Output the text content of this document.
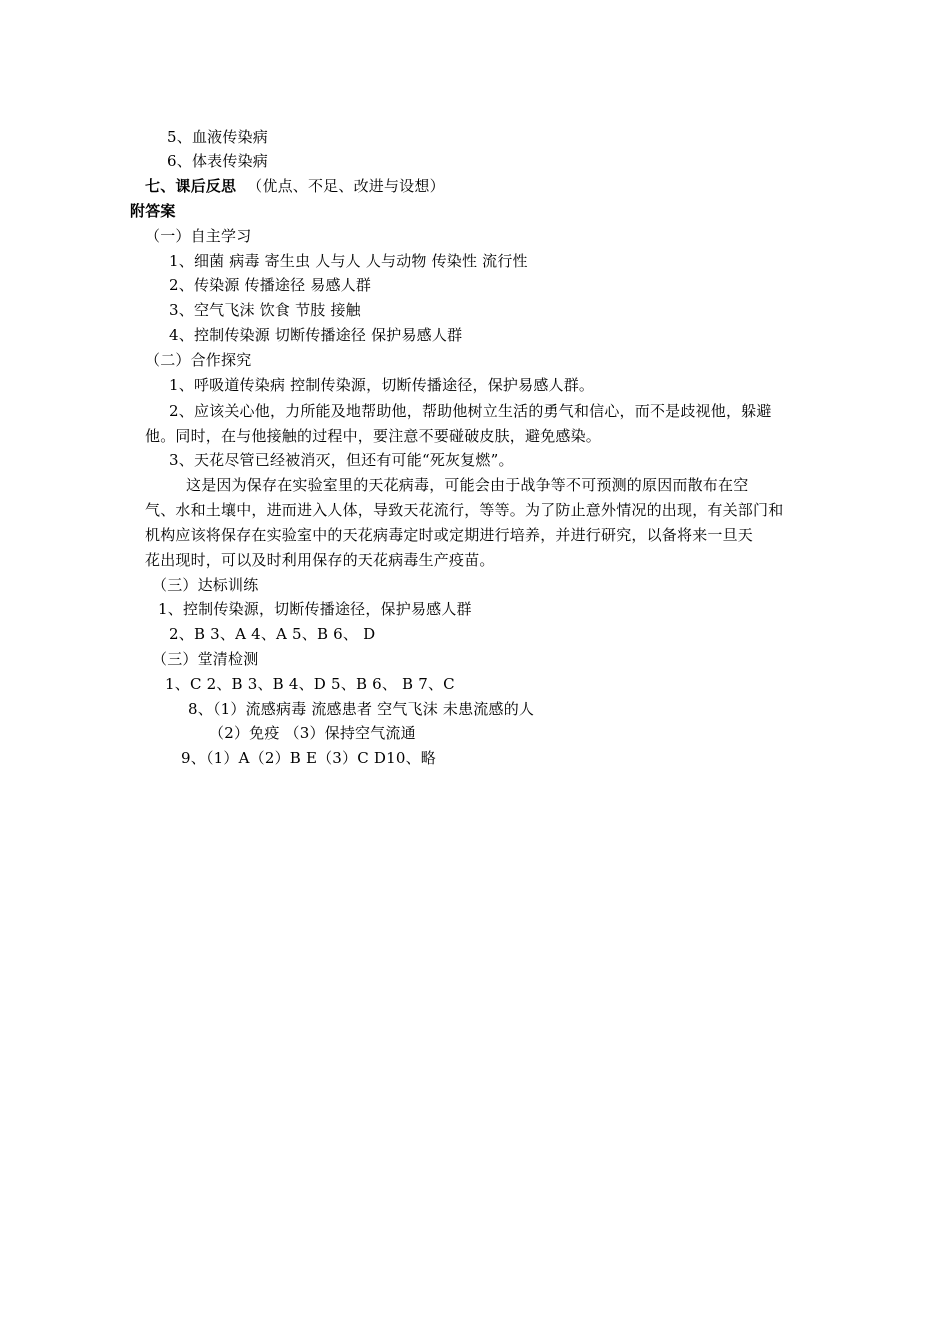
5、血液传染病
6、体表传染病
七、课后反思 （优点、不足、改进与设想）
附答案
（一）自主学习
1、细菌 病毒 寄生虫 人与人 人与动物 传染性 流行性
2、传染源 传播途径 易感人群
3、空气飞沫 饮食 节肢 接触
4、控制传染源 切断传播途径 保护易感人群
（二）合作探究
1、呼吸道传染病 控制传染源，切断传播途径，保护易感人群。
2、应该关心他，力所能及地帮助他，帮助他树立生活的勇气和信心，而不是歧视他，躲避
他。同时，在与他接触的过程中，要注意不要碰破皮肤，避免感染。
3、天花尽管已经被消灭，但还有可能“死灰复燃”。
这是因为保存在实验室里的天花病毒，可能会由于战争等不可预测的原因而散布在空
气、水和土壤中，进而进入人体，导致天花流行，等等。为了防止意外情况的出现，有关部门和
机构应该将保存在实验室中的天花病毒定时或定期进行培养，并进行研究，以备将来一旦天
花出现时，可以及时利用保存的天花病毒生产疫苗。
（三）达标训练
1、控制传染源，切断传播途径，保护易感人群
2、B 3、A 4、A 5、B 6、 D
（三）堂清检测
1、C 2、B 3、B 4、D 5、B 6、 B 7、C
8、（1）流感病毒 流感患者 空气飞沫 未患流感的人
（2）免疫 （3）保持空气流通
9、（1）A（2）B E（3）C D10、略
